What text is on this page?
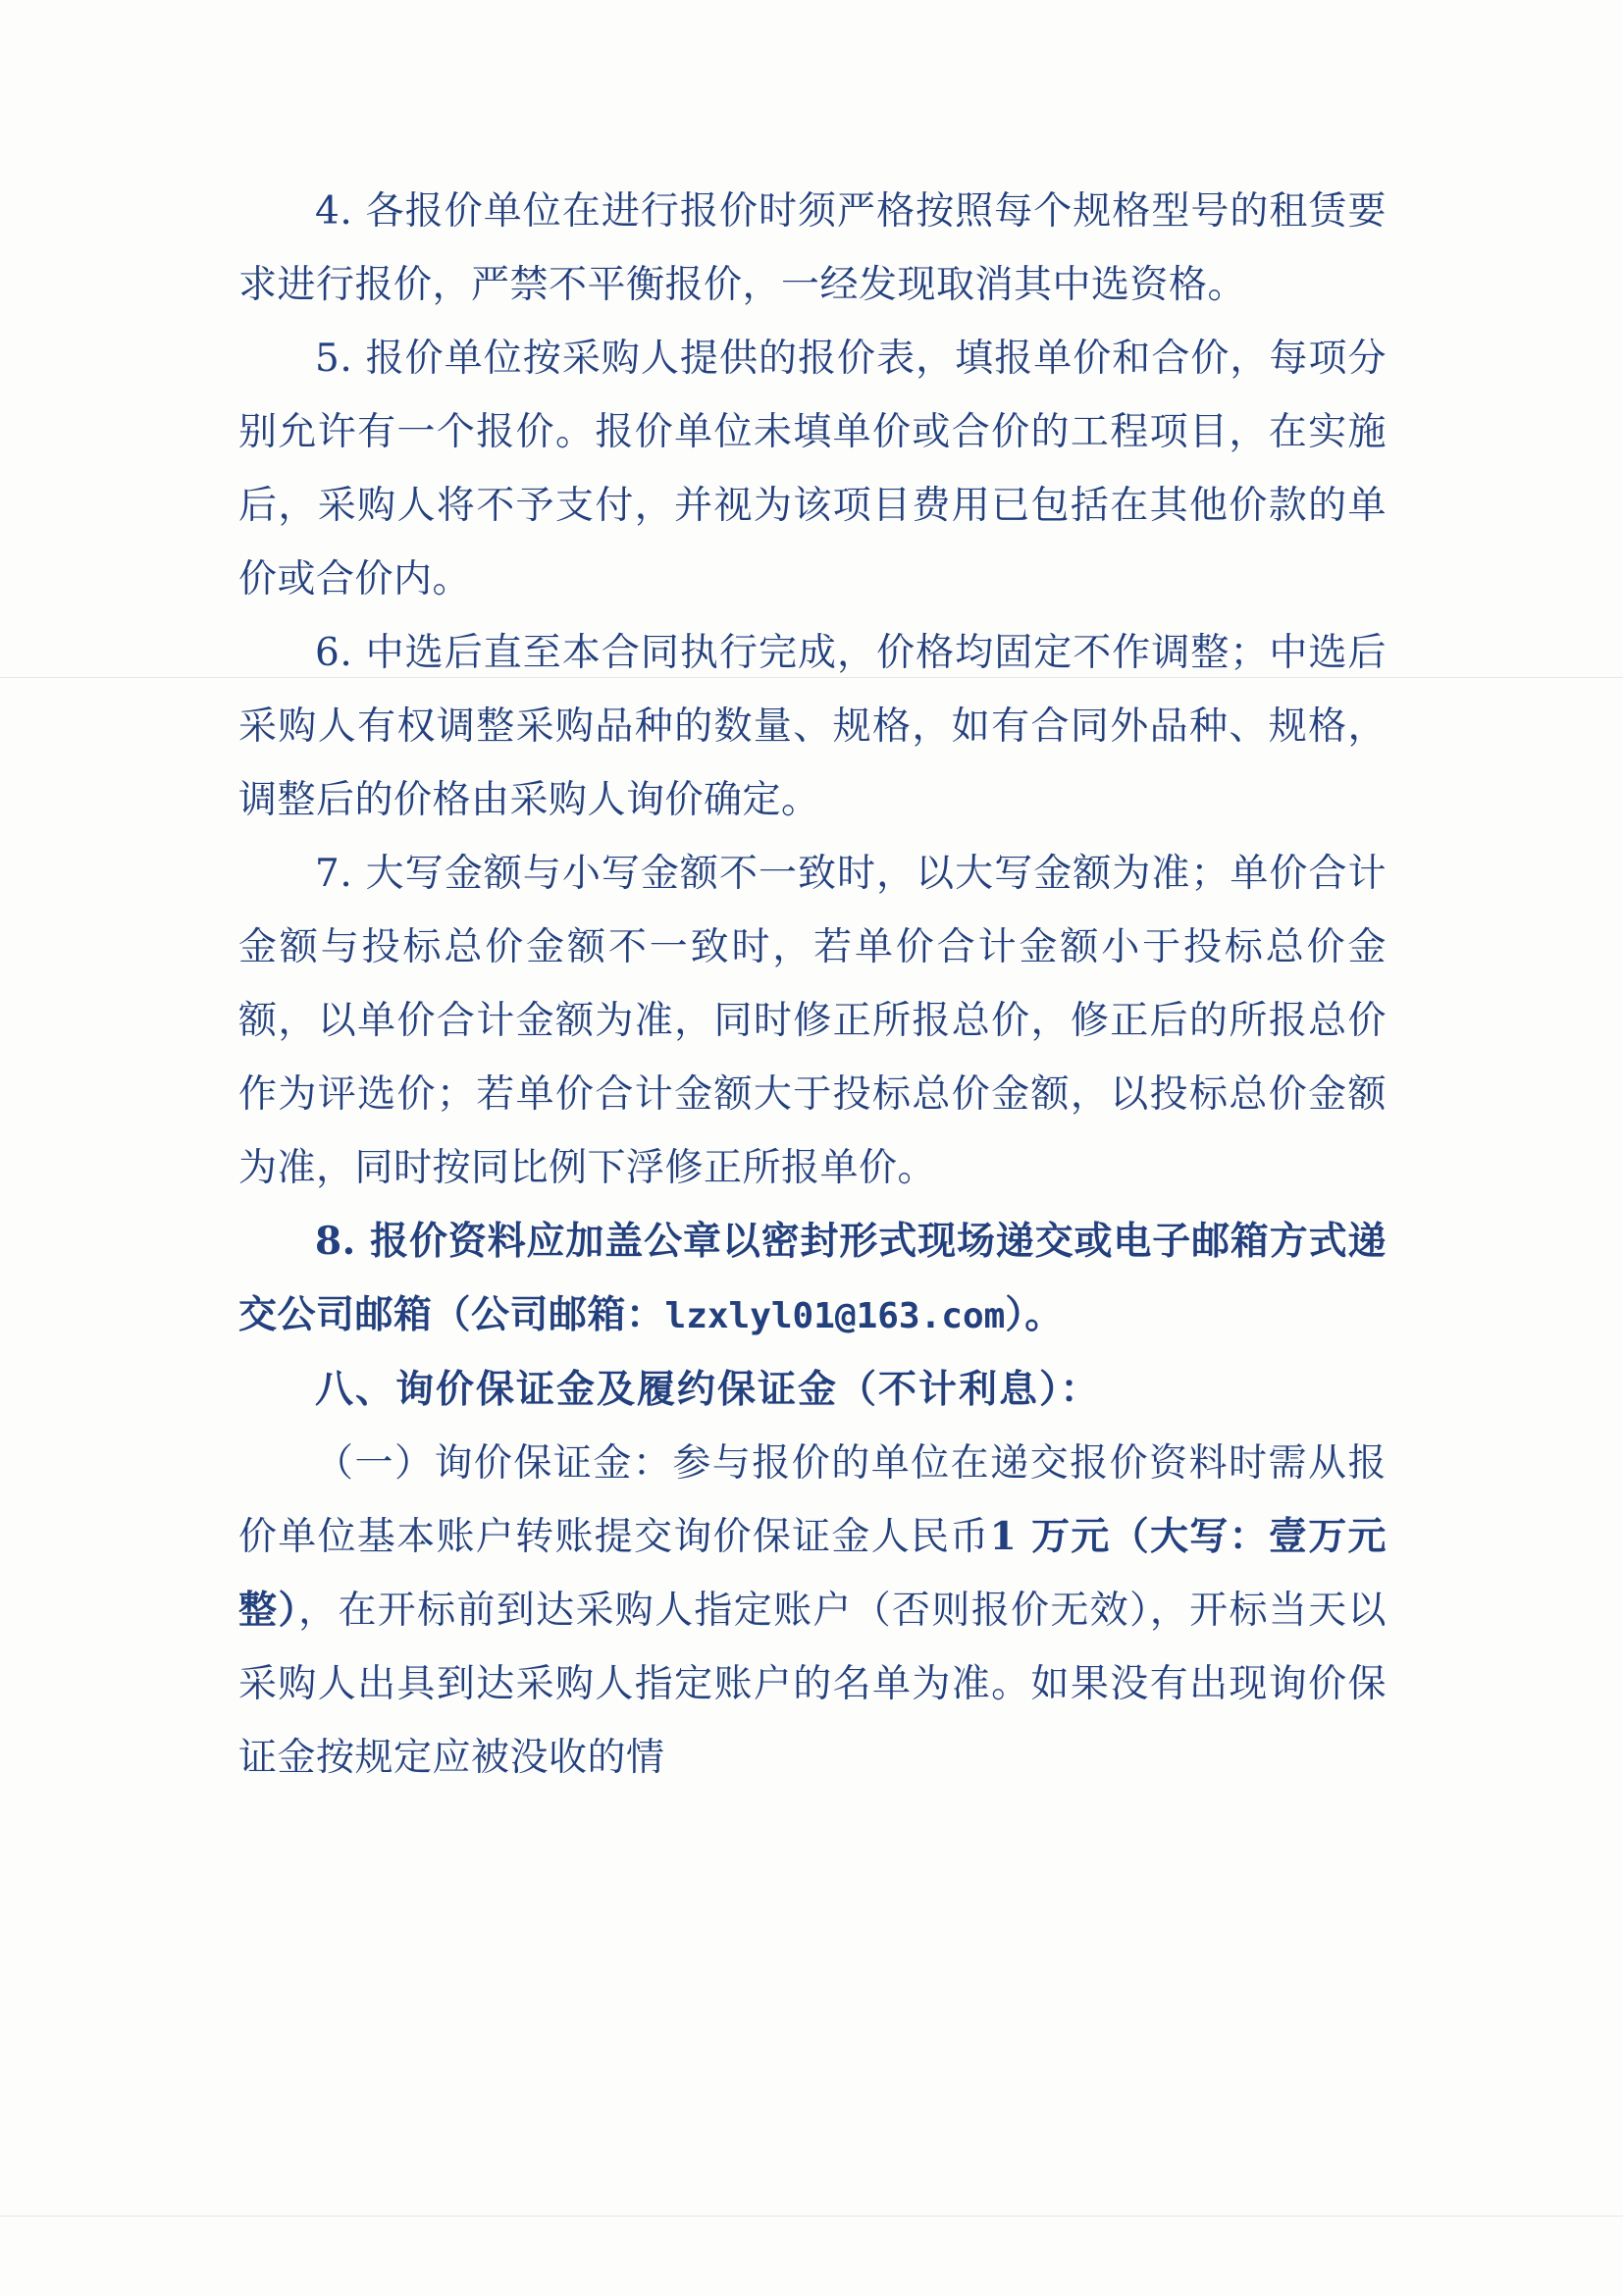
4. 各报价单位在进行报价时须严格按照每个规格型号的租赁要求进行报价，严禁不平衡报价，一经发现取消其中选资格。

5. 报价单位按采购人提供的报价表，填报单价和合价，每项分别允许有一个报价。报价单位未填单价或合价的工程项目，在实施后，采购人将不予支付，并视为该项目费用已包括在其他价款的单价或合价内。

6. 中选后直至本合同执行完成，价格均固定不作调整；中选后采购人有权调整采购品种的数量、规格，如有合同外品种、规格，调整后的价格由采购人询价确定。

7. 大写金额与小写金额不一致时，以大写金额为准；单价合计金额与投标总价金额不一致时，若单价合计金额小于投标总价金额，以单价合计金额为准，同时修正所报总价，修正后的所报总价作为评选价；若单价合计金额大于投标总价金额，以投标总价金额为准，同时按同比例下浮修正所报单价。

8. 报价资料应加盖公章以密封形式现场递交或电子邮箱方式递交公司邮箱（公司邮箱：lzxlyl01@163.com）。

八、询价保证金及履约保证金（不计利息）：

（一）询价保证金：参与报价的单位在递交报价资料时需从报价单位基本账户转账提交询价保证金人民币1 万元（大写：壹万元整），在开标前到达采购人指定账户（否则报价无效），开标当天以采购人出具到达采购人指定账户的名单为准。如果没有出现询价保证金按规定应被没收的情
